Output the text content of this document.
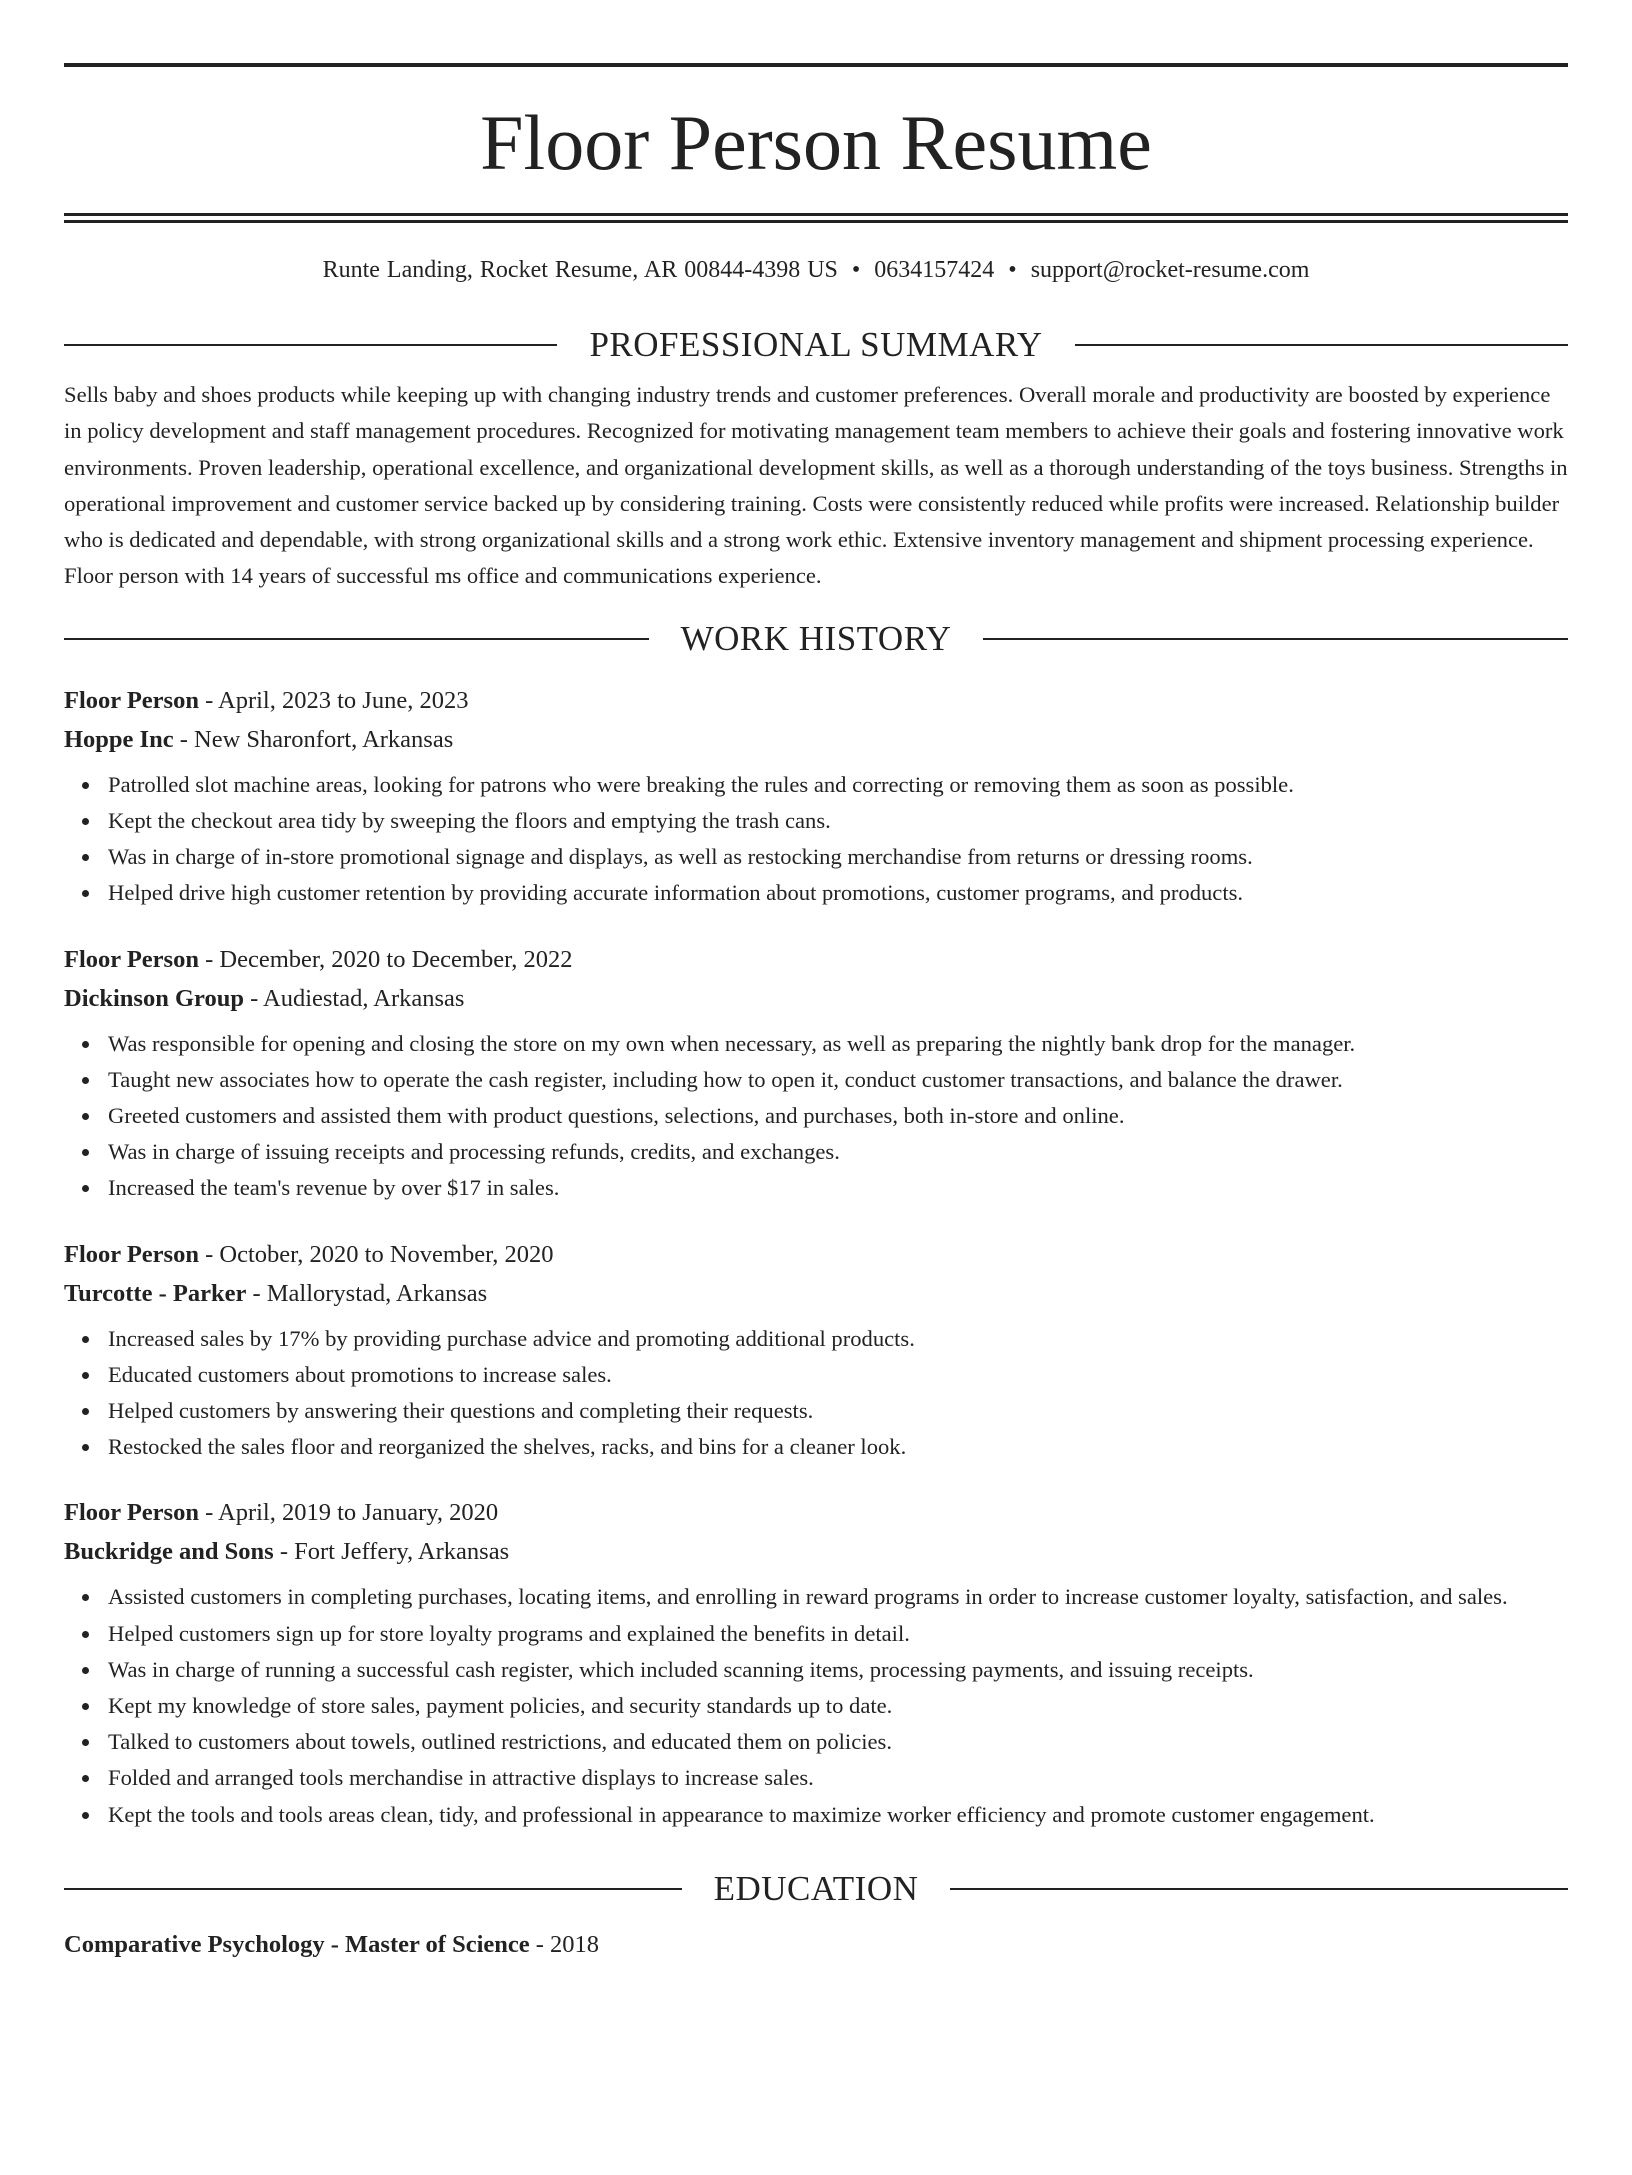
Floor Person Resume
Runte Landing, Rocket Resume, AR 00844-4398 US • 0634157424 • support@rocket-resume.com
PROFESSIONAL SUMMARY
Sells baby and shoes products while keeping up with changing industry trends and customer preferences. Overall morale and productivity are boosted by experience in policy development and staff management procedures. Recognized for motivating management team members to achieve their goals and fostering innovative work environments. Proven leadership, operational excellence, and organizational development skills, as well as a thorough understanding of the toys business. Strengths in operational improvement and customer service backed up by considering training. Costs were consistently reduced while profits were increased. Relationship builder who is dedicated and dependable, with strong organizational skills and a strong work ethic. Extensive inventory management and shipment processing experience. Floor person with 14 years of successful ms office and communications experience.
WORK HISTORY
Floor Person - April, 2023 to June, 2023
Hoppe Inc - New Sharonfort, Arkansas
Patrolled slot machine areas, looking for patrons who were breaking the rules and correcting or removing them as soon as possible.
Kept the checkout area tidy by sweeping the floors and emptying the trash cans.
Was in charge of in-store promotional signage and displays, as well as restocking merchandise from returns or dressing rooms.
Helped drive high customer retention by providing accurate information about promotions, customer programs, and products.
Floor Person - December, 2020 to December, 2022
Dickinson Group - Audiestad, Arkansas
Was responsible for opening and closing the store on my own when necessary, as well as preparing the nightly bank drop for the manager.
Taught new associates how to operate the cash register, including how to open it, conduct customer transactions, and balance the drawer.
Greeted customers and assisted them with product questions, selections, and purchases, both in-store and online.
Was in charge of issuing receipts and processing refunds, credits, and exchanges.
Increased the team's revenue by over $17 in sales.
Floor Person - October, 2020 to November, 2020
Turcotte - Parker - Mallorystad, Arkansas
Increased sales by 17% by providing purchase advice and promoting additional products.
Educated customers about promotions to increase sales.
Helped customers by answering their questions and completing their requests.
Restocked the sales floor and reorganized the shelves, racks, and bins for a cleaner look.
Floor Person - April, 2019 to January, 2020
Buckridge and Sons - Fort Jeffery, Arkansas
Assisted customers in completing purchases, locating items, and enrolling in reward programs in order to increase customer loyalty, satisfaction, and sales.
Helped customers sign up for store loyalty programs and explained the benefits in detail.
Was in charge of running a successful cash register, which included scanning items, processing payments, and issuing receipts.
Kept my knowledge of store sales, payment policies, and security standards up to date.
Talked to customers about towels, outlined restrictions, and educated them on policies.
Folded and arranged tools merchandise in attractive displays to increase sales.
Kept the tools and tools areas clean, tidy, and professional in appearance to maximize worker efficiency and promote customer engagement.
EDUCATION
Comparative Psychology - Master of Science - 2018
